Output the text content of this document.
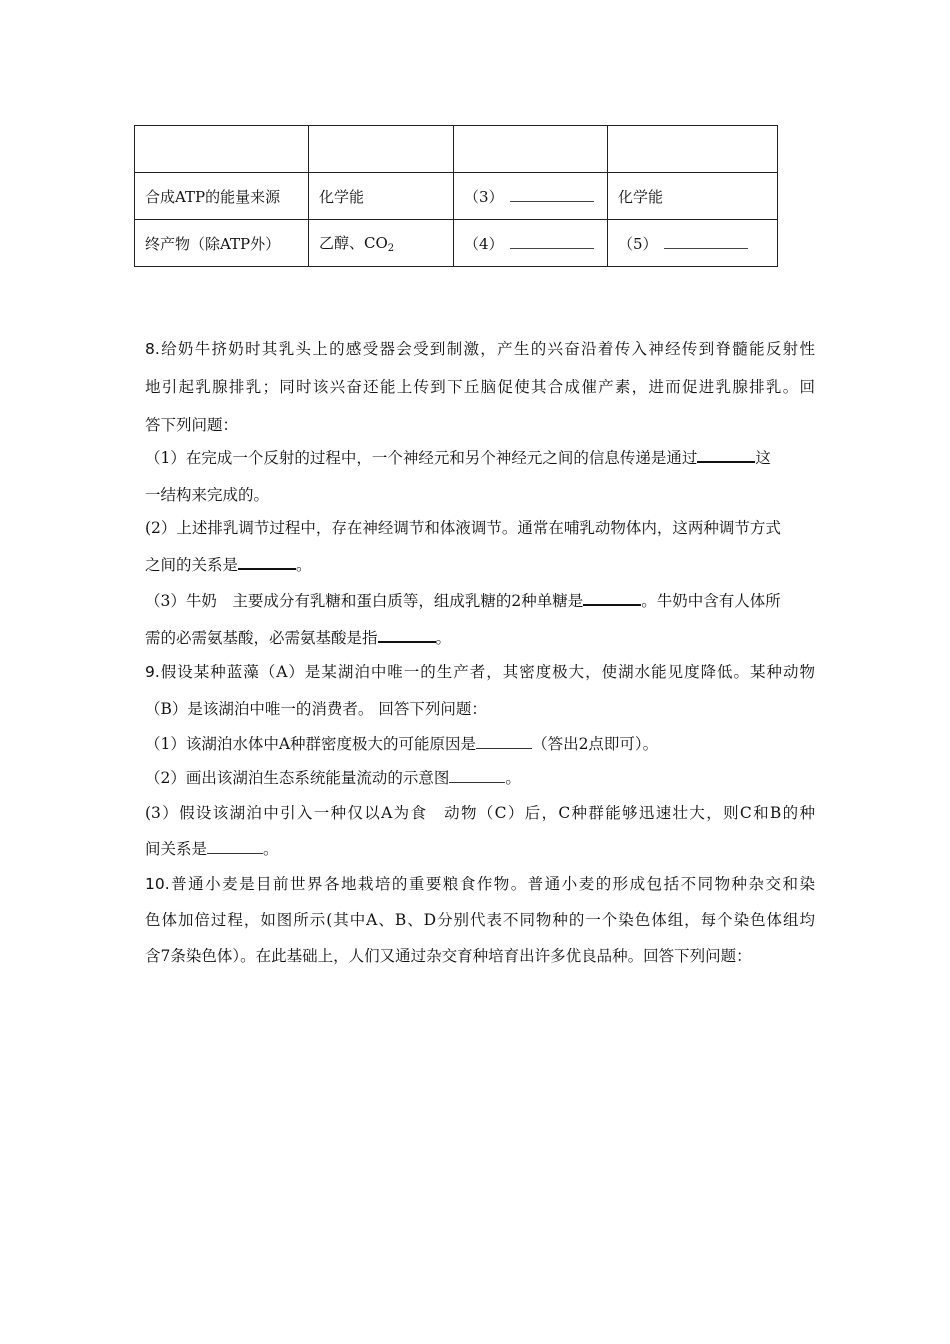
合成ATP的能量来源	化学能	（3）	化学能
终产物（除ATP外）	乙醇、$CO_2$	（4）	（5）
8.给奶牛挤奶时其乳头上的感受器会受到制激，产生的兴奋沿着传入神经传到脊髓能反射性
地引起乳腺排乳；同时该兴奋还能上传到下丘脑促使其合成催产素，进而促进乳腺排乳。回
答下列问题：
（1）在完成一个反射的过程中，一个神经元和另个神经元之间的信息传递是通过	这
一结构来完成的。
(2）上述排乳调节过程中，存在神经调节和体液调节。通常在哺乳动物体内，这两种调节方式
之间的关系是	。
（3）牛奶　主要成分有乳糖和蛋白质等，组成乳糖的2种单糖是	。牛奶中含有人体所
需的必需氨基酸，必需氨基酸是指	。
9.假设某种蓝藻（A）是某湖泊中唯一的生产者，其密度极大，使湖水能见度降低。某种动物
（B）是该湖泊中唯一的消费者。 回答下列问题：
（1）该湖泊水体中A种群密度极大的可能原因是	（答出2点即可）。
（2）画出该湖泊生态系统能量流动的示意图	。
(3）假设该湖泊中引入一种仅以A为食　动物（C）后，C种群能够迅速壮大，则C和B的种
间关系是	。
10.普通小麦是目前世界各地栽培的重要粮食作物。普通小麦的形成包括不同物种杂交和染
色体加倍过程，如图所示(其中A、B、D分别代表不同物种的一个染色体组，每个染色体组均
含7条染色体）。在此基础上，人们又通过杂交育种培育出许多优良品种。回答下列问题：
